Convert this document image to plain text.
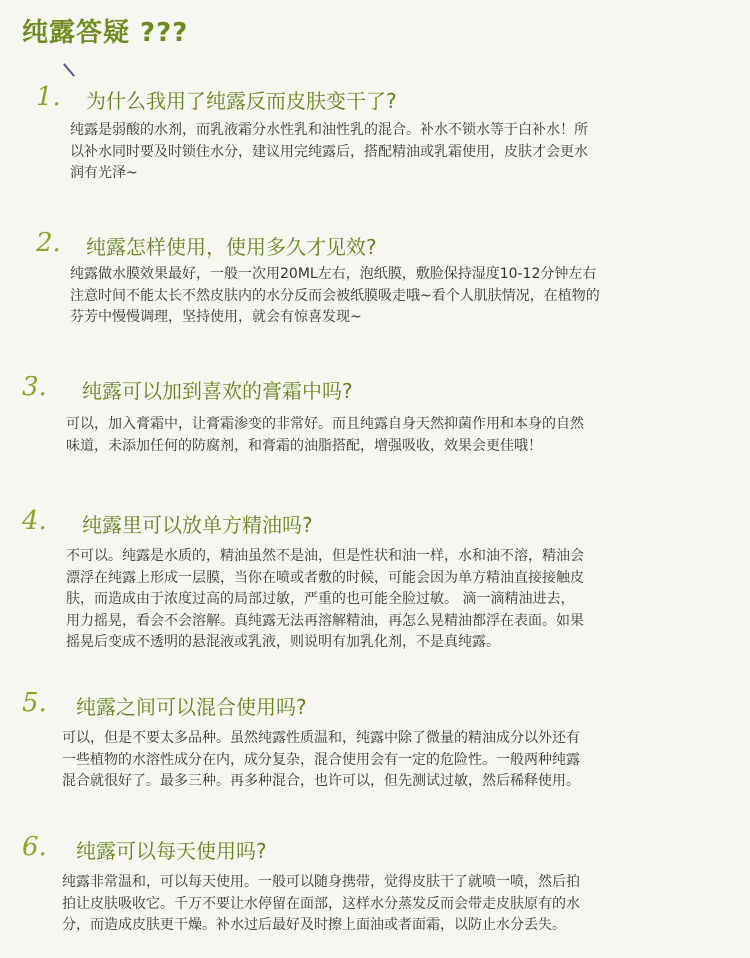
纯露答疑 ???
1. 为什么我用了纯露反而皮肤变干了?
纯露是弱酸的水剂，而乳液霜分水性乳和油性乳的混合。补水不锁水等于白补水！所
以补水同时要及时锁住水分，建议用完纯露后，搭配精油或乳霜使用，皮肤才会更水
润有光泽~
2. 纯露怎样使用，使用多久才见效?
纯露做水膜效果最好，一般一次用20ML左右，泡纸膜，敷脸保持湿度10-12分钟左右
注意时间不能太长不然皮肤内的水分反而会被纸膜吸走哦~看个人肌肤情况，在植物的
芬芳中慢慢调理，坚持使用，就会有惊喜发现~
3. 纯露可以加到喜欢的膏霜中吗?
可以，加入膏霜中，让膏霜渗变的非常好。而且纯露自身天然抑菌作用和本身的自然
味道，未添加任何的防腐剂，和膏霜的油脂搭配，增强吸收，效果会更佳哦！
4. 纯露里可以放单方精油吗?
不可以。纯露是水质的，精油虽然不是油，但是性状和油一样，水和油不溶，精油会
漂浮在纯露上形成一层膜，当你在喷或者敷的时候，可能会因为单方精油直接接触皮
肤，而造成由于浓度过高的局部过敏，严重的也可能全脸过敏。 滴一滴精油进去，
用力摇晃，看会不会溶解。真纯露无法再溶解精油，再怎么晃精油都浮在表面。如果
摇晃后变成不透明的悬混液或乳液，则说明有加乳化剂，不是真纯露。
5. 纯露之间可以混合使用吗?
可以，但是不要太多品种。虽然纯露性质温和，纯露中除了微量的精油成分以外还有
一些植物的水溶性成分在内，成分复杂，混合使用会有一定的危险性。一般两种纯露
混合就很好了。最多三种。再多种混合，也许可以，但先测试过敏，然后稀释使用。
6. 纯露可以每天使用吗?
纯露非常温和，可以每天使用。一般可以随身携带，觉得皮肤干了就喷一喷，然后拍
拍让皮肤吸收它。千万不要让水停留在面部，这样水分蒸发反而会带走皮肤原有的水
分，而造成皮肤更干燥。补水过后最好及时擦上面油或者面霜，以防止水分丢失。
